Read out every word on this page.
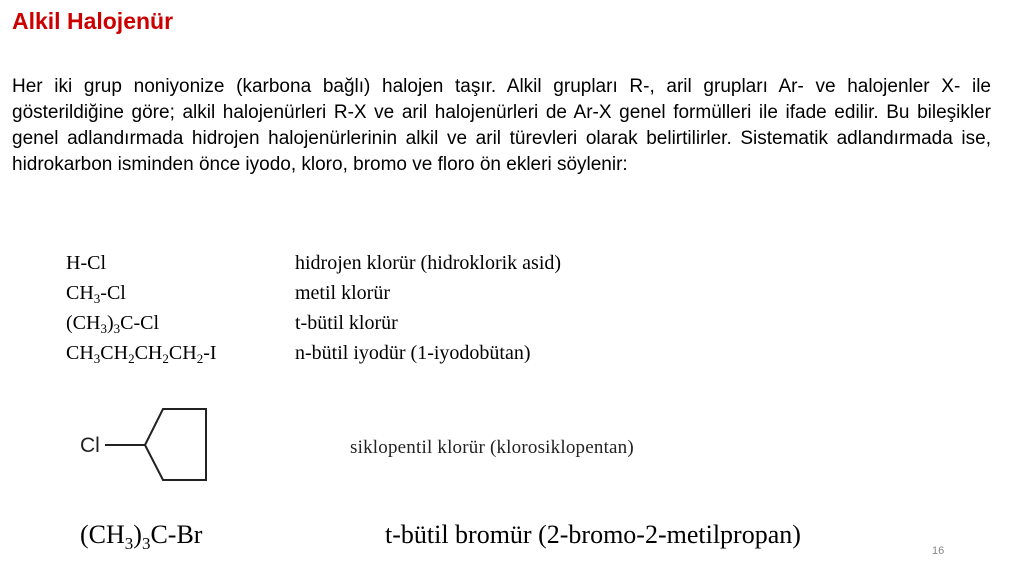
Alkil Halojenür
Her iki grup noniyonize (karbona bağlı) halojen taşır. Alkil grupları R-, aril grupları Ar- ve halojenler X- ile gösterildiğine göre; alkil halojenürleri R-X ve aril halojenürleri de Ar-X genel formülleri ile ifade edilir. Bu bileşikler genel adlandırmada hidrojen halojenürlerinin alkil ve aril türevleri olarak belirtilirler. Sistematik adlandırmada ise, hidrokarbon isminden önce iyodo, kloro, bromo ve floro ön ekleri söylenir:
H-Cl	hidrojen klorür (hidroklorik asid)
$CH_3-Cl$	metil klorür
$(CH_3)_3C-Cl$	t-bütil klorür
$CH_3CH_2CH_2CH_2-I$	n-bütil iyodür (1-iyodobütan)
Cl	siklopentil klorür (klorosiklopentan)
$(CH_3)_3C-Br$	t-bütil bromür (2-bromo-2-metilpropan)
16
